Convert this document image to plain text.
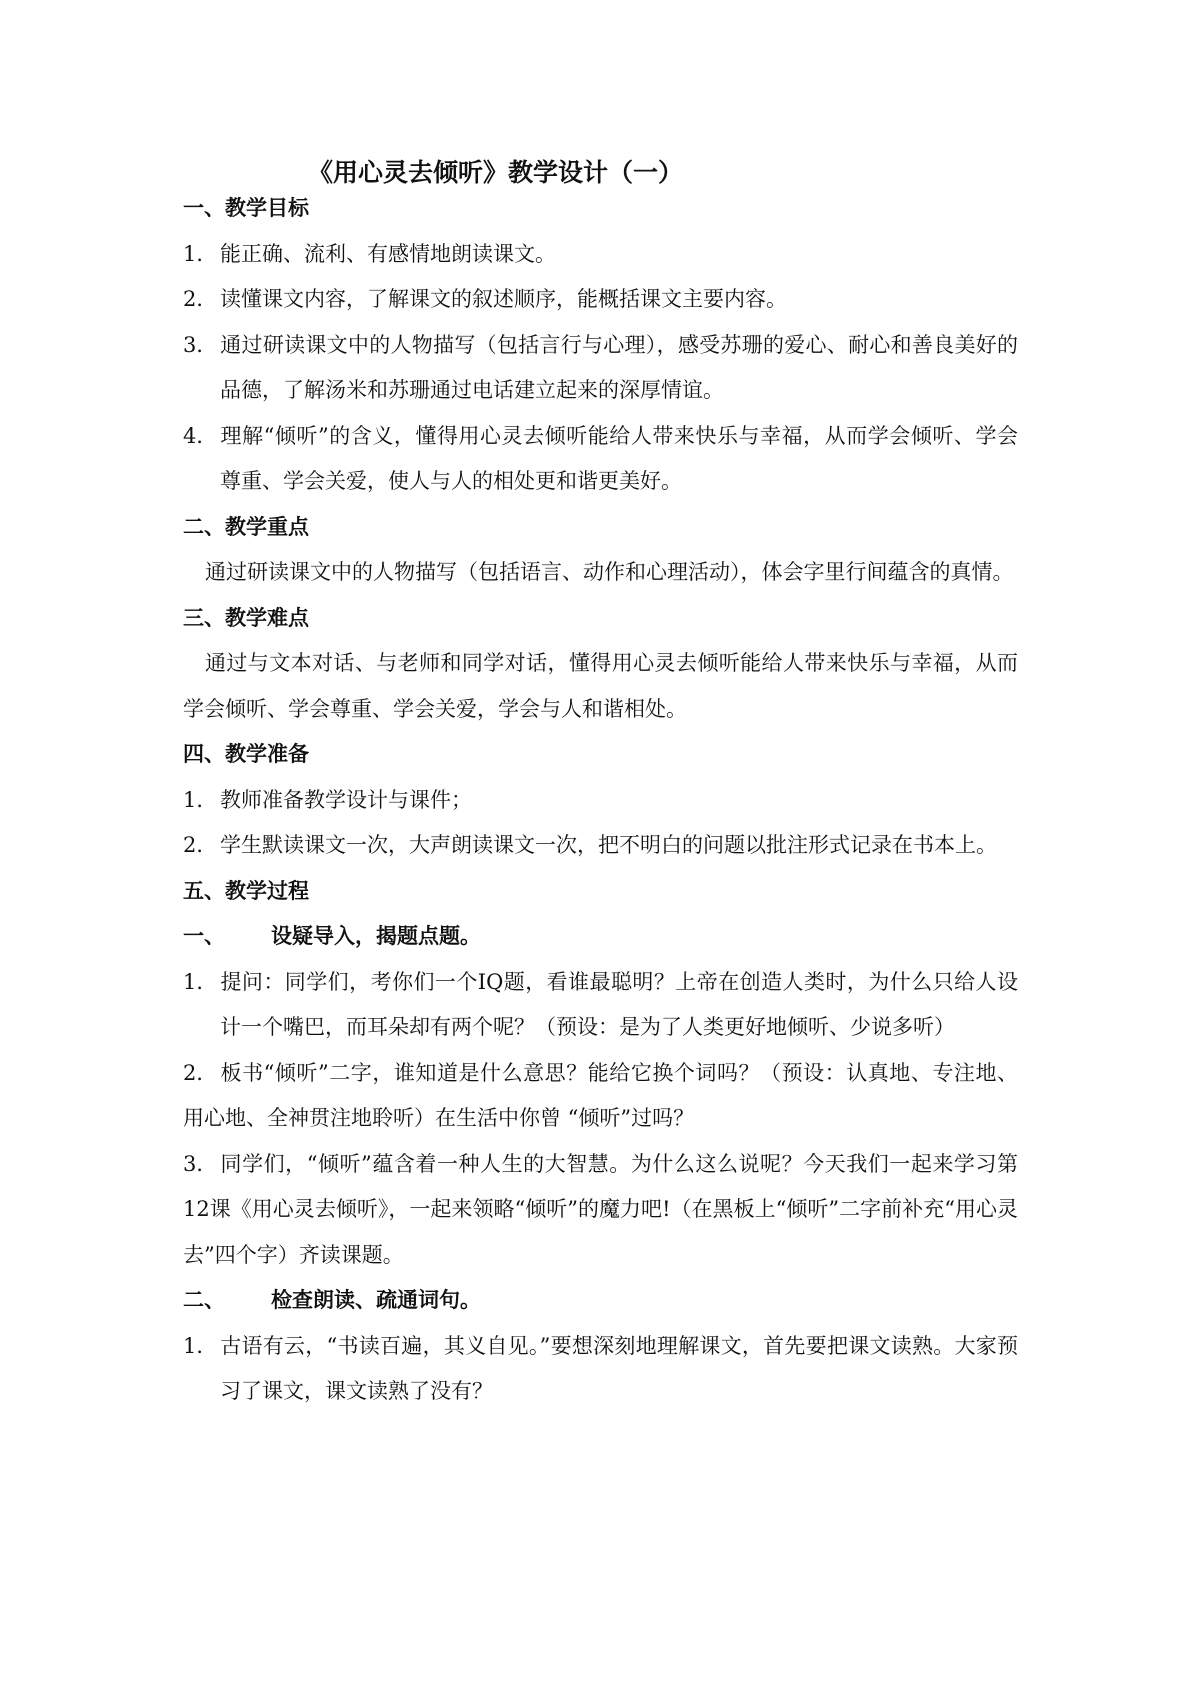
《用心灵去倾听》教学设计（一）
一、教学目标
1． 能正确、流利、有感情地朗读课文。
2． 读懂课文内容，了解课文的叙述顺序，能概括课文主要内容。
3． 通过研读课文中的人物描写（包括言行与心理），感受苏珊的爱心、耐心和善良美好的品德，了解汤米和苏珊通过电话建立起来的深厚情谊。
4． 理解“倾听”的含义，懂得用心灵去倾听能给人带来快乐与幸福，从而学会倾听、学会尊重、学会关爱，使人与人的相处更和谐更美好。
二、教学重点
通过研读课文中的人物描写（包括语言、动作和心理活动），体会字里行间蕴含的真情。
三、教学难点
通过与文本对话、与老师和同学对话，懂得用心灵去倾听能给人带来快乐与幸福，从而学会倾听、学会尊重、学会关爱，学会与人和谐相处。
四、教学准备
1． 教师准备教学设计与课件；
2． 学生默读课文一次，大声朗读课文一次，把不明白的问题以批注形式记录在书本上。
五、教学过程
一、 设疑导入，揭题点题。
1． 提问：同学们，考你们一个IQ题，看谁最聪明？上帝在创造人类时，为什么只给人设计一个嘴巴，而耳朵却有两个呢？（预设：是为了人类更好地倾听、少说多听）
2． 板书“倾听”二字，谁知道是什么意思？能给它换个词吗？（预设：认真地、专注地、用心地、全神贯注地聆听）在生活中你曾 “倾听”过吗？
3． 同学们，“倾听”蕴含着一种人生的大智慧。为什么这么说呢？今天我们一起来学习第12课《用心灵去倾听》，一起来领略“倾听”的魔力吧!（在黑板上“倾听”二字前补充“用心灵去”四个字）齐读课题。
二、 检查朗读、疏通词句。
1． 古语有云，“书读百遍，其义自见。”要想深刻地理解课文，首先要把课文读熟。大家预习了课文，课文读熟了没有？
